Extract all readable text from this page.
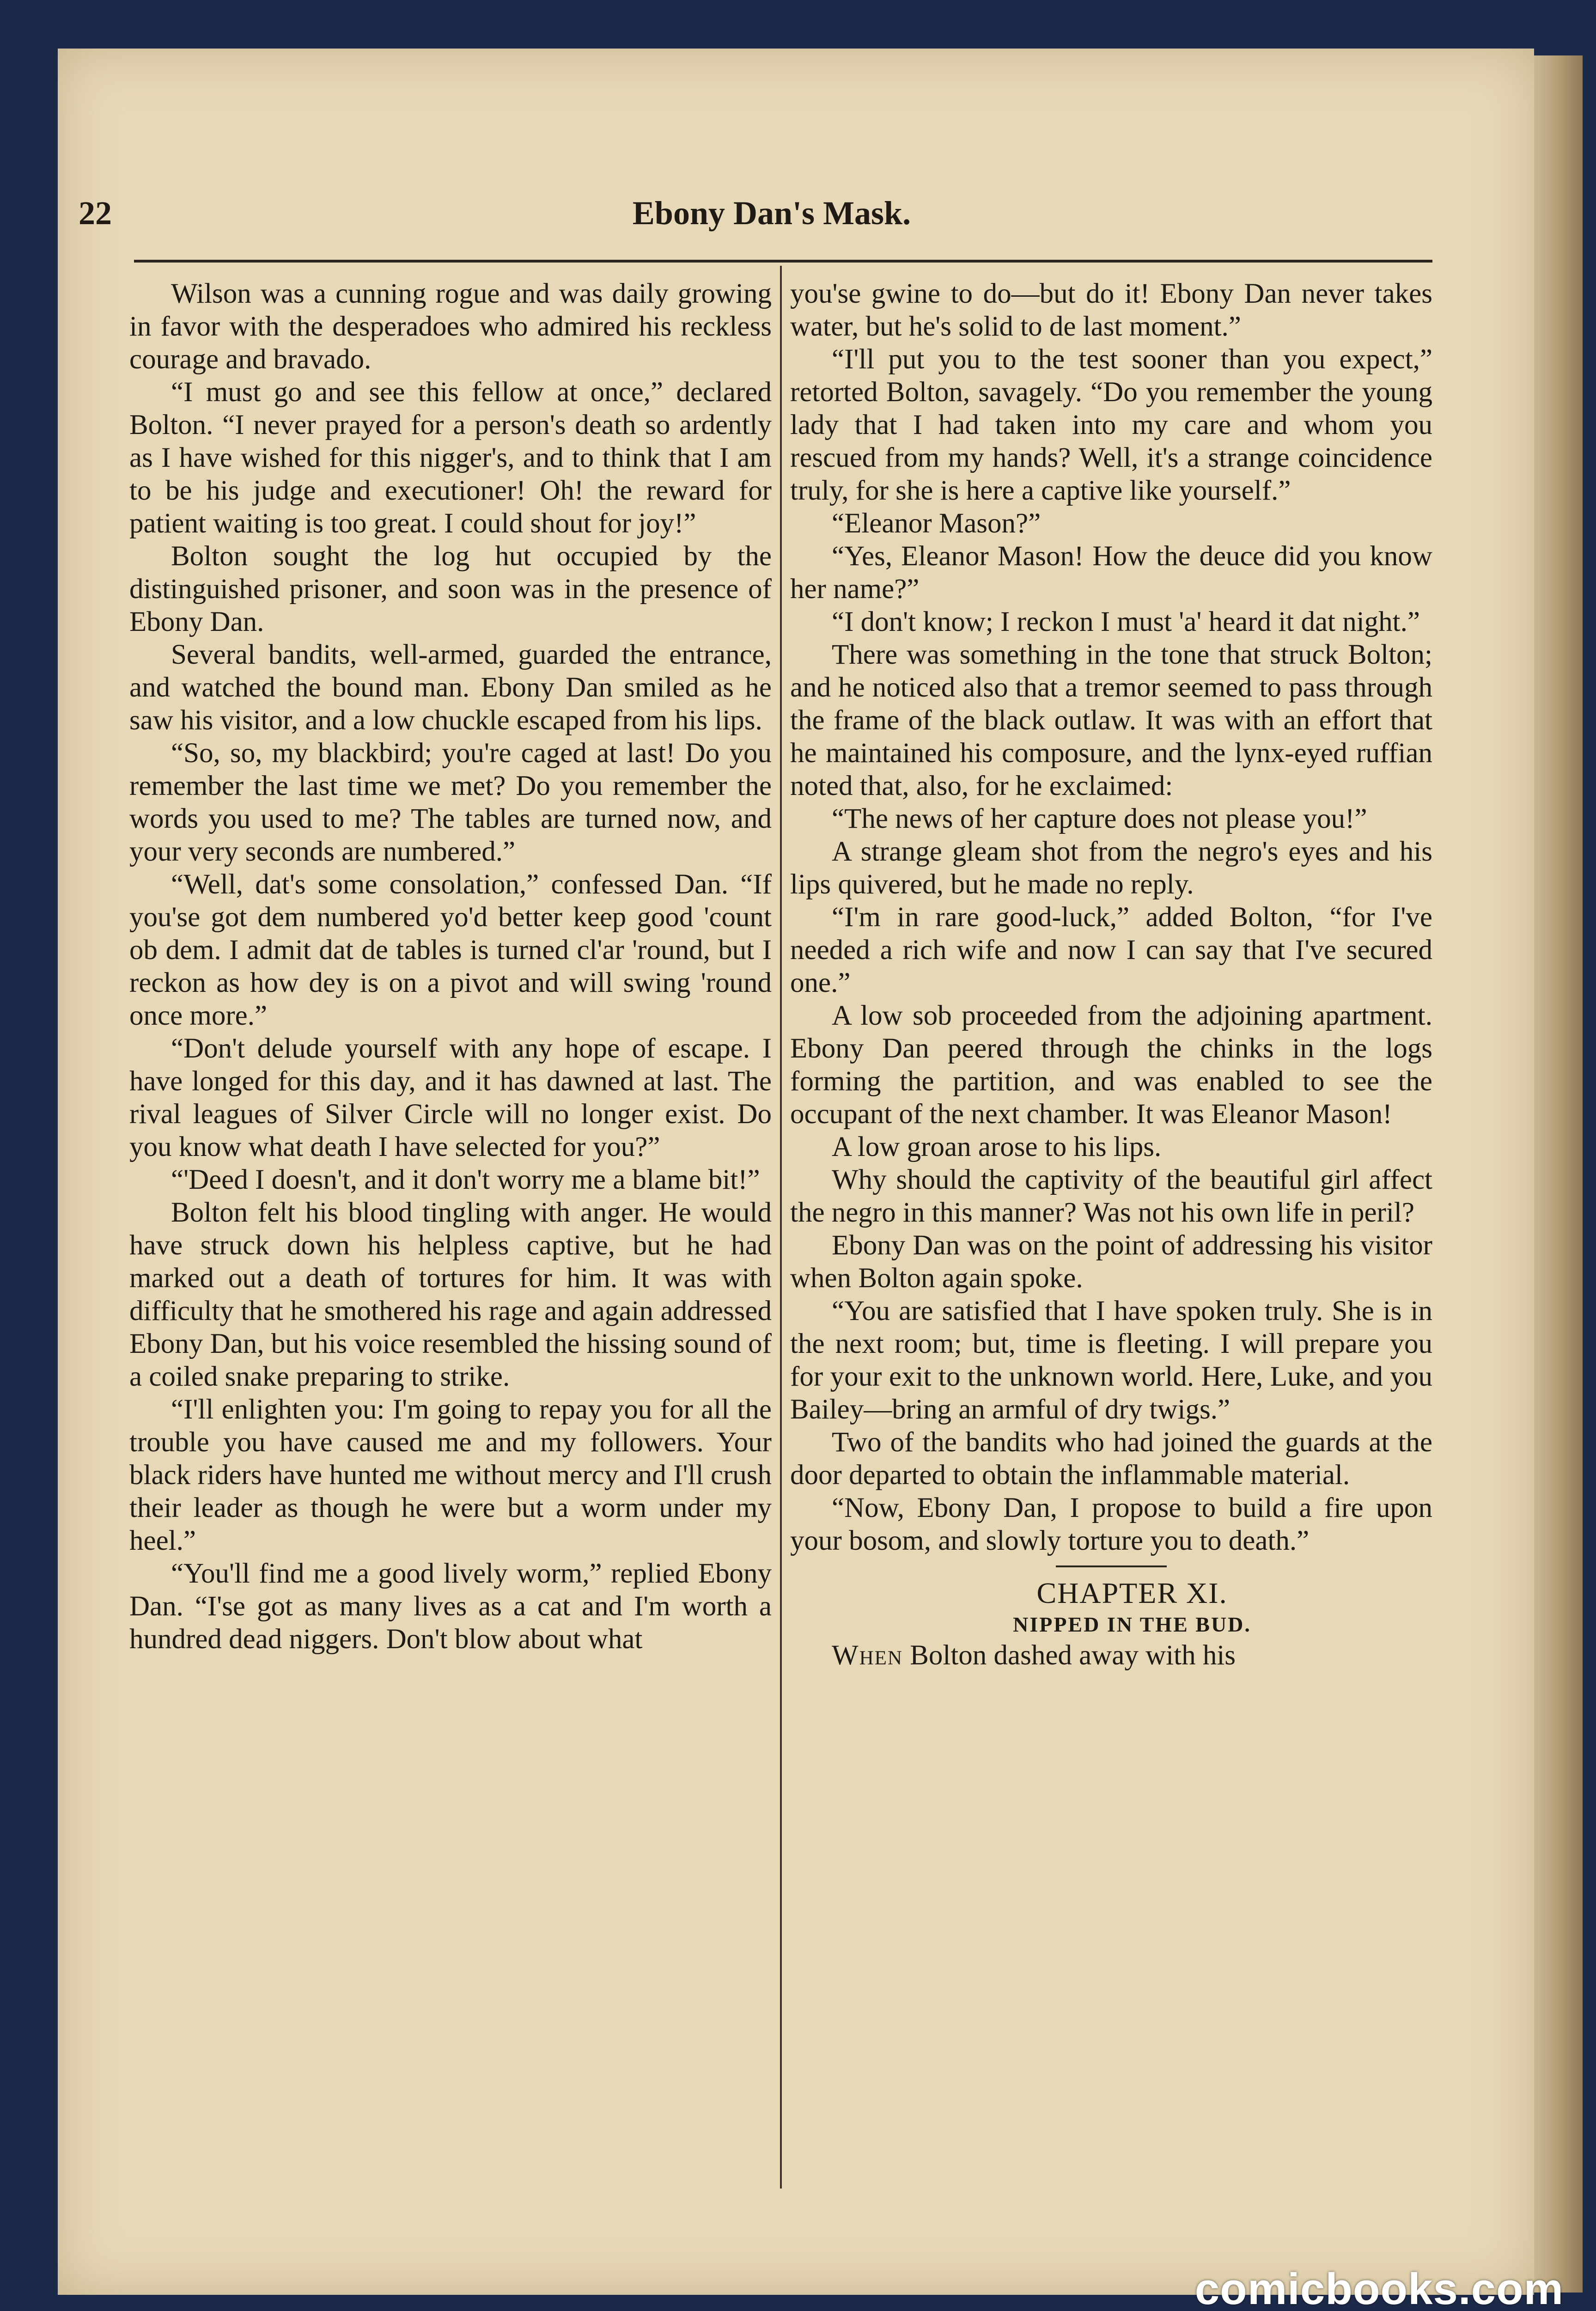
22	Ebony Dan's Mask.

Wilson was a cunning rogue and was daily growing in favor with the desperadoes who admired his reckless courage and bravado.

“I must go and see this fellow at once,” declared Bolton. “I never prayed for a person's death so ardently as I have wished for this nigger's, and to think that I am to be his judge and executioner! Oh! the reward for patient waiting is too great. I could shout for joy!”

Bolton sought the log hut occupied by the distinguished prisoner, and soon was in the presence of Ebony Dan.

Several bandits, well-armed, guarded the entrance, and watched the bound man. Ebony Dan smiled as he saw his visitor, and a low chuckle escaped from his lips.

“So, so, my blackbird; you're caged at last! Do you remember the last time we met? Do you remember the words you used to me? The tables are turned now, and your very seconds are numbered.”

“Well, dat's some consolation,” confessed Dan. “If you'se got dem numbered yo'd better keep good 'count ob dem. I admit dat de tables is turned cl'ar 'round, but I reckon as how dey is on a pivot and will swing 'round once more.”

“Don't delude yourself with any hope of escape. I have longed for this day, and it has dawned at last. The rival leagues of Silver Circle will no longer exist. Do you know what death I have selected for you?”

“'Deed I doesn't, and it don't worry me a blame bit!”

Bolton felt his blood tingling with anger. He would have struck down his helpless captive, but he had marked out a death of tortures for him. It was with difficulty that he smothered his rage and again addressed Ebony Dan, but his voice resembled the hissing sound of a coiled snake preparing to strike.

“I'll enlighten you: I'm going to repay you for all the trouble you have caused me and my followers. Your black riders have hunted me without mercy and I'll crush their leader as though he were but a worm under my heel.”

“You'll find me a good lively worm,” replied Ebony Dan. “I'se got as many lives as a cat and I'm worth a hundred dead niggers. Don't blow about what

you'se gwine to do—but do it! Ebony Dan never takes water, but he's solid to de last moment.”

“I'll put you to the test sooner than you expect,” retorted Bolton, savagely. “Do you remember the young lady that I had taken into my care and whom you rescued from my hands? Well, it's a strange coincidence truly, for she is here a captive like yourself.”

“Eleanor Mason?”

“Yes, Eleanor Mason! How the deuce did you know her name?”

“I don't know; I reckon I must 'a' heard it dat night.”

There was something in the tone that struck Bolton; and he noticed also that a tremor seemed to pass through the frame of the black outlaw. It was with an effort that he maintained his composure, and the lynx-eyed ruffian noted that, also, for he exclaimed:

“The news of her capture does not please you!”

A strange gleam shot from the negro's eyes and his lips quivered, but he made no reply.

“I'm in rare good-luck,” added Bolton, “for I've needed a rich wife and now I can say that I've secured one.”

A low sob proceeded from the adjoining apartment. Ebony Dan peered through the chinks in the logs forming the partition, and was enabled to see the occupant of the next chamber. It was Eleanor Mason!

A low groan arose to his lips.

Why should the captivity of the beautiful girl affect the negro in this manner? Was not his own life in peril?

Ebony Dan was on the point of addressing his visitor when Bolton again spoke.

“You are satisfied that I have spoken truly. She is in the next room; but, time is fleeting. I will prepare you for your exit to the unknown world. Here, Luke, and you Bailey—bring an armful of dry twigs.”

Two of the bandits who had joined the guards at the door departed to obtain the inflammable material.

“Now, Ebony Dan, I propose to build a fire upon your bosom, and slowly torture you to death.”

CHAPTER XI.

NIPPED IN THE BUD.

When Bolton dashed away with his

comicbooks.com
